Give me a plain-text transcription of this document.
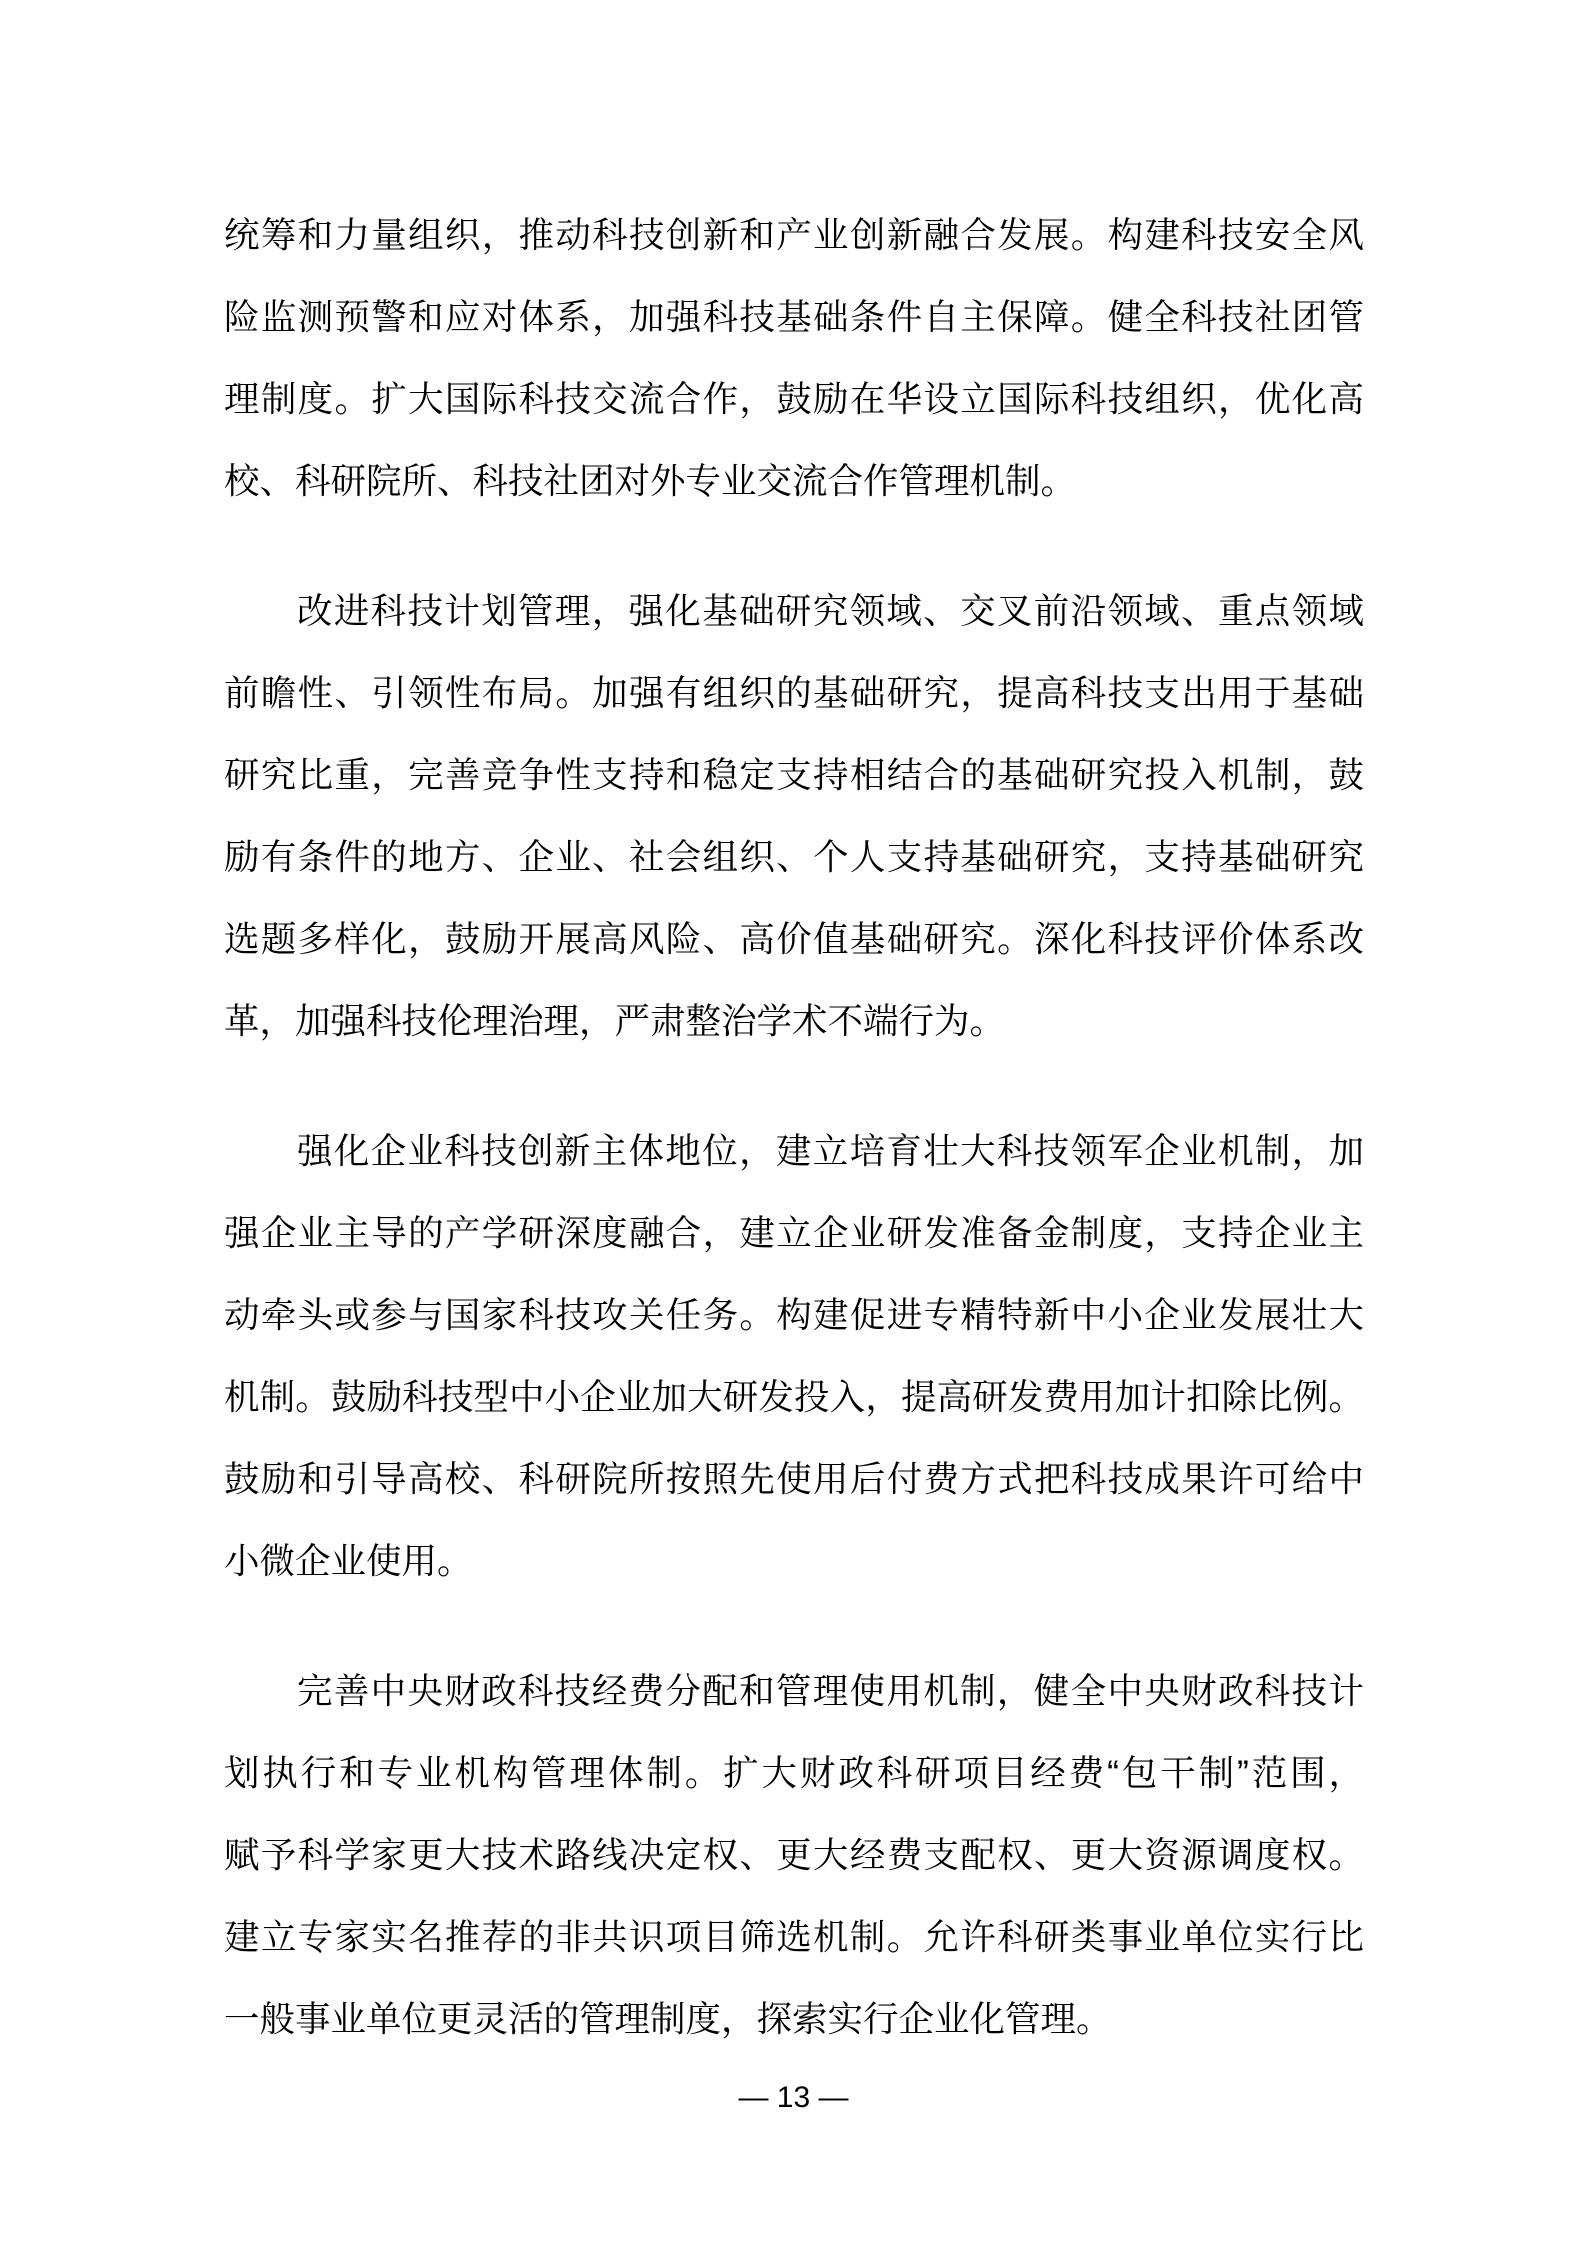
统筹和力量组织，推动科技创新和产业创新融合发展。构建科技安全风
险监测预警和应对体系，加强科技基础条件自主保障。健全科技社团管
理制度。扩大国际科技交流合作，鼓励在华设立国际科技组织，优化高
校、科研院所、科技社团对外专业交流合作管理机制。
改进科技计划管理，强化基础研究领域、交叉前沿领域、重点领域
前瞻性、引领性布局。加强有组织的基础研究，提高科技支出用于基础
研究比重，完善竞争性支持和稳定支持相结合的基础研究投入机制，鼓
励有条件的地方、企业、社会组织、个人支持基础研究，支持基础研究
选题多样化，鼓励开展高风险、高价值基础研究。深化科技评价体系改
革，加强科技伦理治理，严肃整治学术不端行为。
强化企业科技创新主体地位，建立培育壮大科技领军企业机制，加
强企业主导的产学研深度融合，建立企业研发准备金制度，支持企业主
动牵头或参与国家科技攻关任务。构建促进专精特新中小企业发展壮大
机制。鼓励科技型中小企业加大研发投入，提高研发费用加计扣除比例。
鼓励和引导高校、科研院所按照先使用后付费方式把科技成果许可给中
小微企业使用。
完善中央财政科技经费分配和管理使用机制，健全中央财政科技计
划执行和专业机构管理体制。扩大财政科研项目经费“包干制”范围，
赋予科学家更大技术路线决定权、更大经费支配权、更大资源调度权。
建立专家实名推荐的非共识项目筛选机制。允许科研类事业单位实行比
一般事业单位更灵活的管理制度，探索实行企业化管理。
— 13 —
